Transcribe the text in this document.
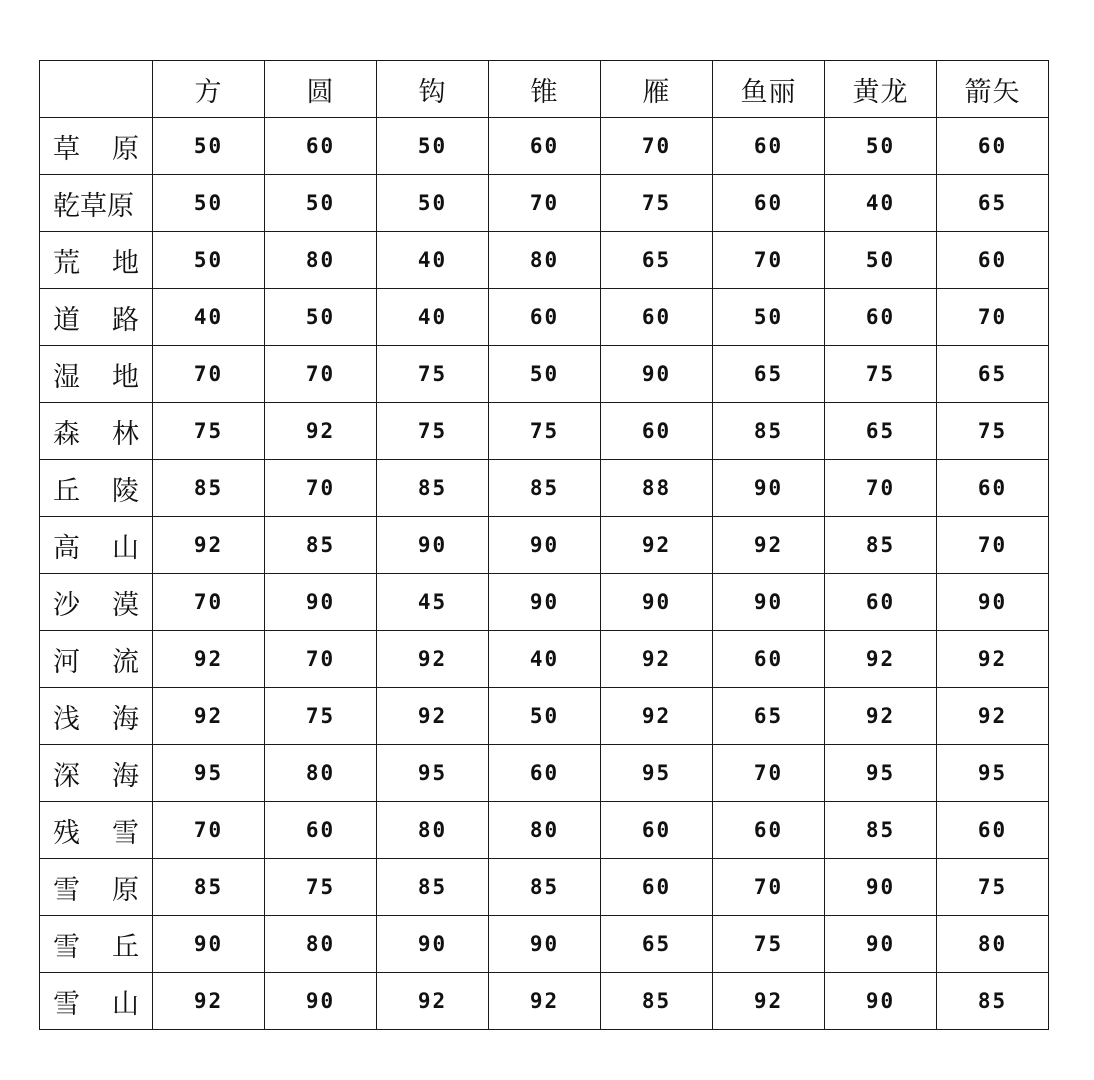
	方	圆	钩	锥	雁	鱼丽	黄龙	箭矢
草原	50	60	50	60	70	60	50	60
乾草原	50	50	50	70	75	60	40	65
荒地	50	80	40	80	65	70	50	60
道路	40	50	40	60	60	50	60	70
湿地	70	70	75	50	90	65	75	65
森林	75	92	75	75	60	85	65	75
丘陵	85	70	85	85	88	90	70	60
高山	92	85	90	90	92	92	85	70
沙漠	70	90	45	90	90	90	60	90
河流	92	70	92	40	92	60	92	92
浅海	92	75	92	50	92	65	92	92
深海	95	80	95	60	95	70	95	95
残雪	70	60	80	80	60	60	85	60
雪原	85	75	85	85	60	70	90	75
雪丘	90	80	90	90	65	75	90	80
雪山	92	90	92	92	85	92	90	85
